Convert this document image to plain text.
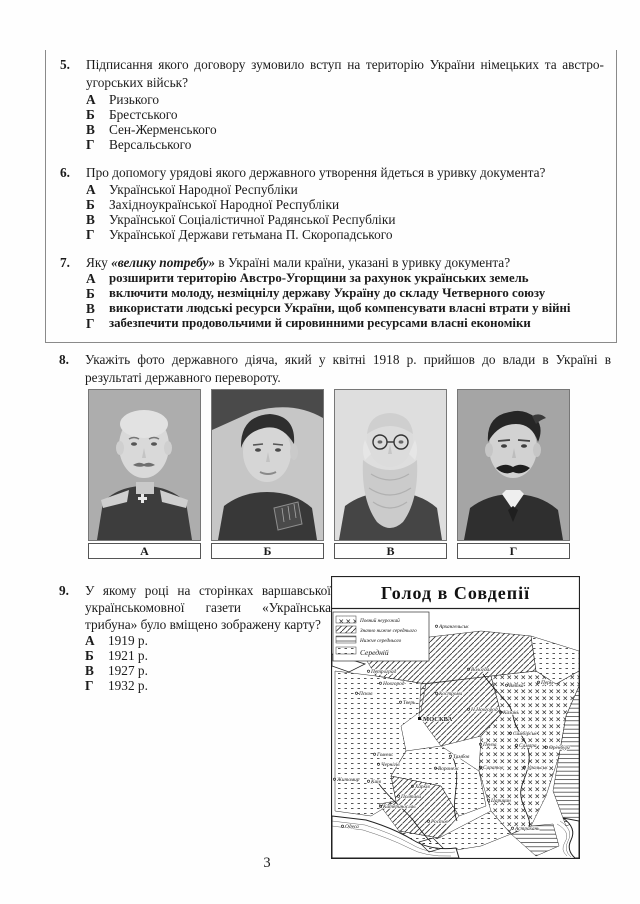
5.	Підписання якого договору зумовило вступ на територію України німецьких та австро-угорських військ?
А	Ризького
Б	Брестського
В	Сен-Жерменського
Г	Версальського
6.	Про допомогу урядові якого державного утворення йдеться в уривку документа?
А	Української Народної Республіки
Б	Західноукраїнської Народної Республіки
В	Української Соціалістичної Радянської Республіки
Г	Української Держави гетьмана П. Скоропадського
7.	Яку «велику потребу» в Україні мали країни, указані в уривку документа?
А	розширити територію Австро-Угорщини за рахунок українських земель
Б	включити молоду, незміцнілу державу Україну до складу Четверного союзу
В	використати людські ресурси України, щоб компенсувати власні втрати у війні
Г	забезпечити продовольчими й сировинними ресурсами власні економіки
8.	Укажіть фото державного діяча, який у квітні 1918 р. прийшов до влади в Україні в результаті державного перевороту.
А	Б	В	Г
9.	У якому році на сторінках варшавської українськомовної газети «Українська трибуна» було вміщено зображену карту?
А	1919 р.
Б	1921 р.
В	1927 р.
Г	1932 р.
Повний неурожай
Значно нижче середнього
Нижче середнього
Середній
Архангельськ
Петроград
Новгород
Псков
Вологда
Вятка	Перм
Тверь
Кострома
МОСКВА
Н.Новгород Казань
Симбірськ
Самара Оренбург
Пенза
Тамбов
Воронеж	Саратов	Уральськ
Гомель
Чернігів
Житомир Київ
Харків
Полтава
Катеринослав
Одеса
Ростов
Царицин
Астрахань
Голод в Совдепії
3
